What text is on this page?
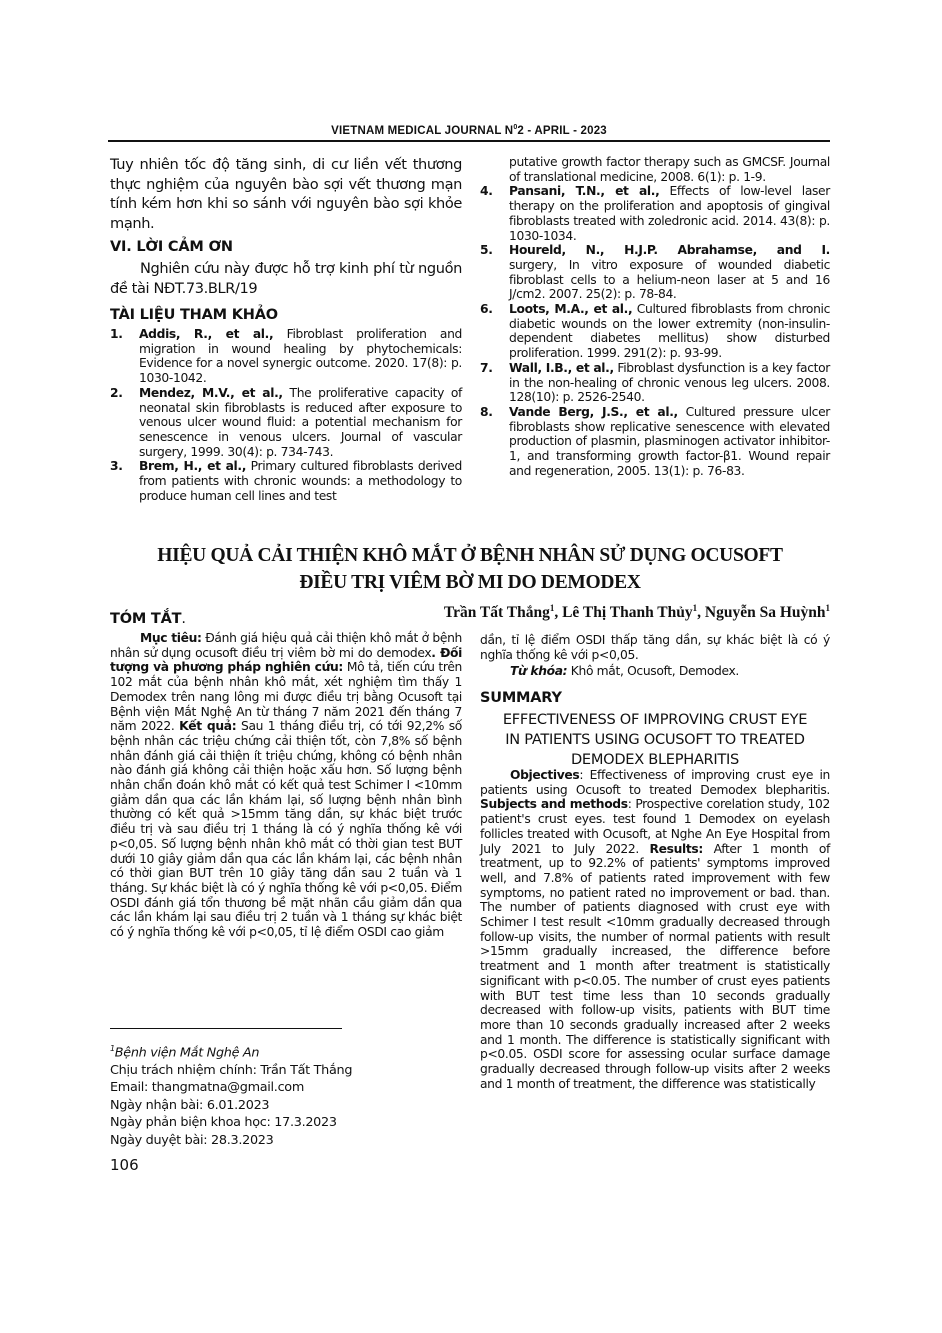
VIETNAM MEDICAL JOURNAL $N^02$ - APRIL - 2023
Tuy nhiên tốc độ tăng sinh, di cư liền vết thương thực nghiệm của nguyên bào sợi vết thương mạn tính kém hơn khi so sánh với nguyên bào sợi khỏe mạnh.
VI. LỜI CẢM ƠN
Nghiên cứu này được hỗ trợ kinh phí từ nguồn đề tài NĐT.73.BLR/19
TÀI LIỆU THAM KHẢO
1.	Addis, R., et al., Fibroblast proliferation and migration in wound healing by phytochemicals: Evidence for a novel synergic outcome. 2020. 17(8): p. 1030-1042.
2.	Mendez, M.V., et al., The proliferative capacity of neonatal skin fibroblasts is reduced after exposure to venous ulcer wound fluid: a potential mechanism for senescence in venous ulcers. Journal of vascular surgery, 1999. 30(4): p. 734-743.
3.	Brem, H., et al., Primary cultured fibroblasts derived from patients with chronic wounds: a methodology to produce human cell lines and test
putative growth factor therapy such as GMCSF. Journal of translational medicine, 2008. 6(1): p. 1-9.
4.	Pansani, T.N., et al., Effects of low-level laser therapy on the proliferation and apoptosis of gingival fibroblasts treated with zoledronic acid. 2014. 43(8): p. 1030-1034.
5.	Houreld, N., H.J.P. Abrahamse, and I. surgery, In vitro exposure of wounded diabetic fibroblast cells to a helium-neon laser at 5 and 16 J/cm2. 2007. 25(2): p. 78-84.
6.	Loots, M.A., et al., Cultured fibroblasts from chronic diabetic wounds on the lower extremity (non-insulin-dependent diabetes mellitus) show disturbed proliferation. 1999. 291(2): p. 93-99.
7.	Wall, I.B., et al., Fibroblast dysfunction is a key factor in the non-healing of chronic venous leg ulcers. 2008. 128(10): p. 2526-2540.
8.	Vande Berg, J.S., et al., Cultured pressure ulcer fibroblasts show replicative senescence with elevated production of plasmin, plasminogen activator inhibitor-1, and transforming growth factor-β1. Wound repair and regeneration, 2005. 13(1): p. 76-83.
HIỆU QUẢ CẢI THIỆN KHÔ MẮT Ở BỆNH NHÂN SỬ DỤNG OCUSOFT
ĐIỀU TRỊ VIÊM BỜ MI DO DEMODEX
Trần Tất Thắng$^1$, Lê Thị Thanh Thủy$^1$, Nguyễn Sa Huỳnh$^1$
TÓM TẮT.
Mục tiêu: Đánh giá hiệu quả cải thiện khô mắt ở bệnh nhân sử dụng ocusoft điều trị viêm bờ mi do demodex. Đối tượng và phương pháp nghiên cứu: Mô tả, tiến cứu trên 102 mắt của bệnh nhân khô mắt, xét nghiệm tìm thấy 1 Demodex trên nang lông mi được điều trị bằng Ocusoft tại Bệnh viện Mắt Nghệ An từ tháng 7 năm 2021 đến tháng 7 năm 2022. Kết quả: Sau 1 tháng điều trị, có tới 92,2% số bệnh nhân các triệu chứng cải thiện tốt, còn 7,8% số bệnh nhân đánh giá cải thiện ít triệu chứng, không có bệnh nhân nào đánh giá không cải thiện hoặc xấu hơn. Số lượng bệnh nhân chẩn đoán khô mắt có kết quả test Schimer I <10mm giảm dần qua các lần khám lại, số lượng bệnh nhân bình thường có kết quả >15mm tăng dần, sự khác biệt trước điều trị và sau điều trị 1 tháng là có ý nghĩa thống kê với p<0,05. Số lượng bệnh nhân khô mắt có thời gian test BUT dưới 10 giây giảm dần qua các lần khám lại, các bệnh nhân có thời gian BUT trên 10 giây tăng dần sau 2 tuần và 1 tháng. Sự khác biệt là có ý nghĩa thống kê với p<0,05. Điểm OSDI đánh giá tổn thương bề mặt nhãn cầu giảm dần qua các lần khám lại sau điều trị 2 tuần và 1 tháng sự khác biệt có ý nghĩa thống kê với p<0,05, tỉ lệ điểm OSDI cao giảm
dần, tỉ lệ điểm OSDI thấp tăng dần, sự khác biệt là có ý nghĩa thống kê với p<0,05.
Từ khóa: Khô mắt, Ocusoft, Demodex.
SUMMARY
EFFECTIVENESS OF IMPROVING CRUST EYE IN PATIENTS USING OCUSOFT TO TREATED DEMODEX BLEPHARITIS
Objectives: Effectiveness of improving crust eye in patients using Ocusoft to treated Demodex blepharitis. Subjects and methods: Prospective corelation study, 102 patient's crust eyes. test found 1 Demodex on eyelash follicles treated with Ocusoft, at Nghe An Eye Hospital from July 2021 to July 2022. Results: After 1 month of treatment, up to 92.2% of patients' symptoms improved well, and 7.8% of patients rated improvement with few symptoms, no patient rated no improvement or bad. than. The number of patients diagnosed with crust eye with Schimer I test result <10mm gradually decreased through follow-up visits, the number of normal patients with result >15mm gradually increased, the difference before treatment and 1 month after treatment is statistically significant with p<0.05. The number of crust eyes patients with BUT test time less than 10 seconds gradually decreased with follow-up visits, patients with BUT time more than 10 seconds gradually increased after 2 weeks and 1 month. The difference is statistically significant with p<0.05. OSDI score for assessing ocular surface damage gradually decreased through follow-up visits after 2 weeks and 1 month of treatment, the difference was statistically
$^1$Bệnh viện Mắt Nghệ An
Chịu trách nhiệm chính: Trần Tất Thắng
Email: thangmatna@gmail.com
Ngày nhận bài: 6.01.2023
Ngày phản biện khoa học: 17.3.2023
Ngày duyệt bài: 28.3.2023
106
